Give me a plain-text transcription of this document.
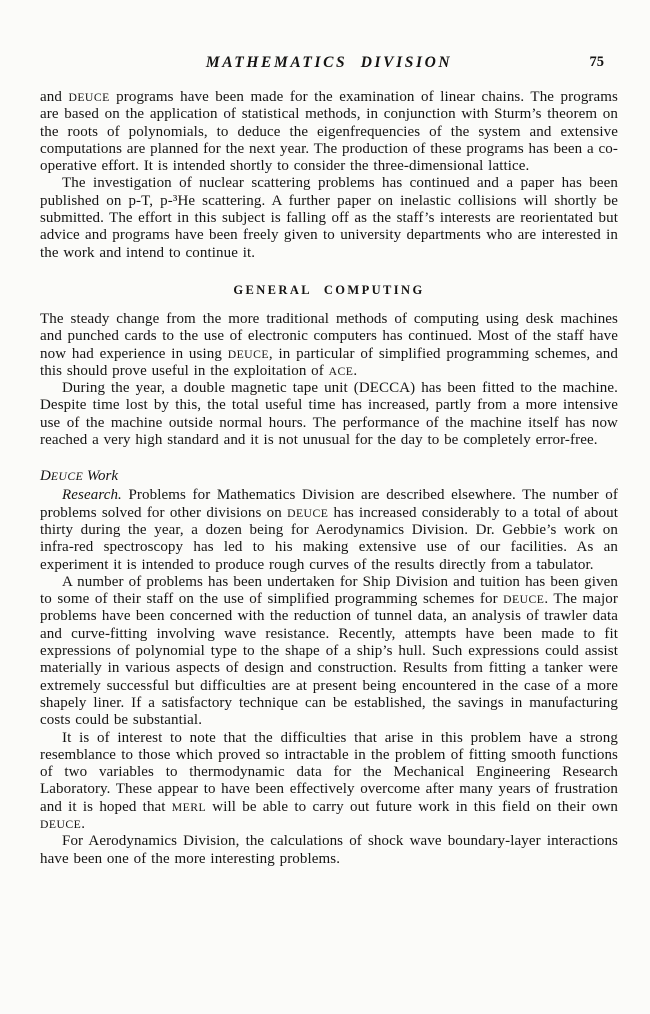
MATHEMATICS DIVISION	75

and DEUCE programs have been made for the examination of linear chains. The programs are based on the application of statistical methods, in conjunction with Sturm’s theorem on the roots of polynomials, to deduce the eigenfrequencies of the system and extensive computations are planned for the next year. The production of these programs has been a co-operative effort. It is intended shortly to consider the three-dimensional lattice.

The investigation of nuclear scattering problems has continued and a paper has been published on p-T, p-³He scattering. A further paper on inelastic collisions will shortly be submitted. The effort in this subject is falling off as the staff’s interests are reorientated but advice and programs have been freely given to university departments who are interested in the work and intend to continue it.

GENERAL COMPUTING

The steady change from the more traditional methods of computing using desk machines and punched cards to the use of electronic computers has continued. Most of the staff have now had experience in using DEUCE, in particular of simplified programming schemes, and this should prove useful in the exploitation of ACE.

During the year, a double magnetic tape unit (DECCA) has been fitted to the machine. Despite time lost by this, the total useful time has increased, partly from a more intensive use of the machine outside normal hours. The performance of the machine itself has now reached a very high standard and it is not unusual for the day to be completely error-free.

DEUCE Work

Research. Problems for Mathematics Division are described elsewhere. The number of problems solved for other divisions on DEUCE has increased considerably to a total of about thirty during the year, a dozen being for Aerodynamics Division. Dr. Gebbie’s work on infra-red spectroscopy has led to his making extensive use of our facilities. As an experiment it is intended to produce rough curves of the results directly from a tabulator.

A number of problems has been undertaken for Ship Division and tuition has been given to some of their staff on the use of simplified programming schemes for DEUCE. The major problems have been concerned with the reduction of tunnel data, an analysis of trawler data and curve-fitting involving wave resistance. Recently, attempts have been made to fit expressions of polynomial type to the shape of a ship’s hull. Such expressions could assist materially in various aspects of design and construction. Results from fitting a tanker were extremely successful but difficulties are at present being encountered in the case of a more shapely liner. If a satisfactory technique can be established, the savings in manufacturing costs could be substantial.

It is of interest to note that the difficulties that arise in this problem have a strong resemblance to those which proved so intractable in the problem of fitting smooth functions of two variables to thermodynamic data for the Mechanical Engineering Research Laboratory. These appear to have been effectively overcome after many years of frustration and it is hoped that MERL will be able to carry out future work in this field on their own DEUCE.

For Aerodynamics Division, the calculations of shock wave boundary-layer interactions have been one of the more interesting problems.
